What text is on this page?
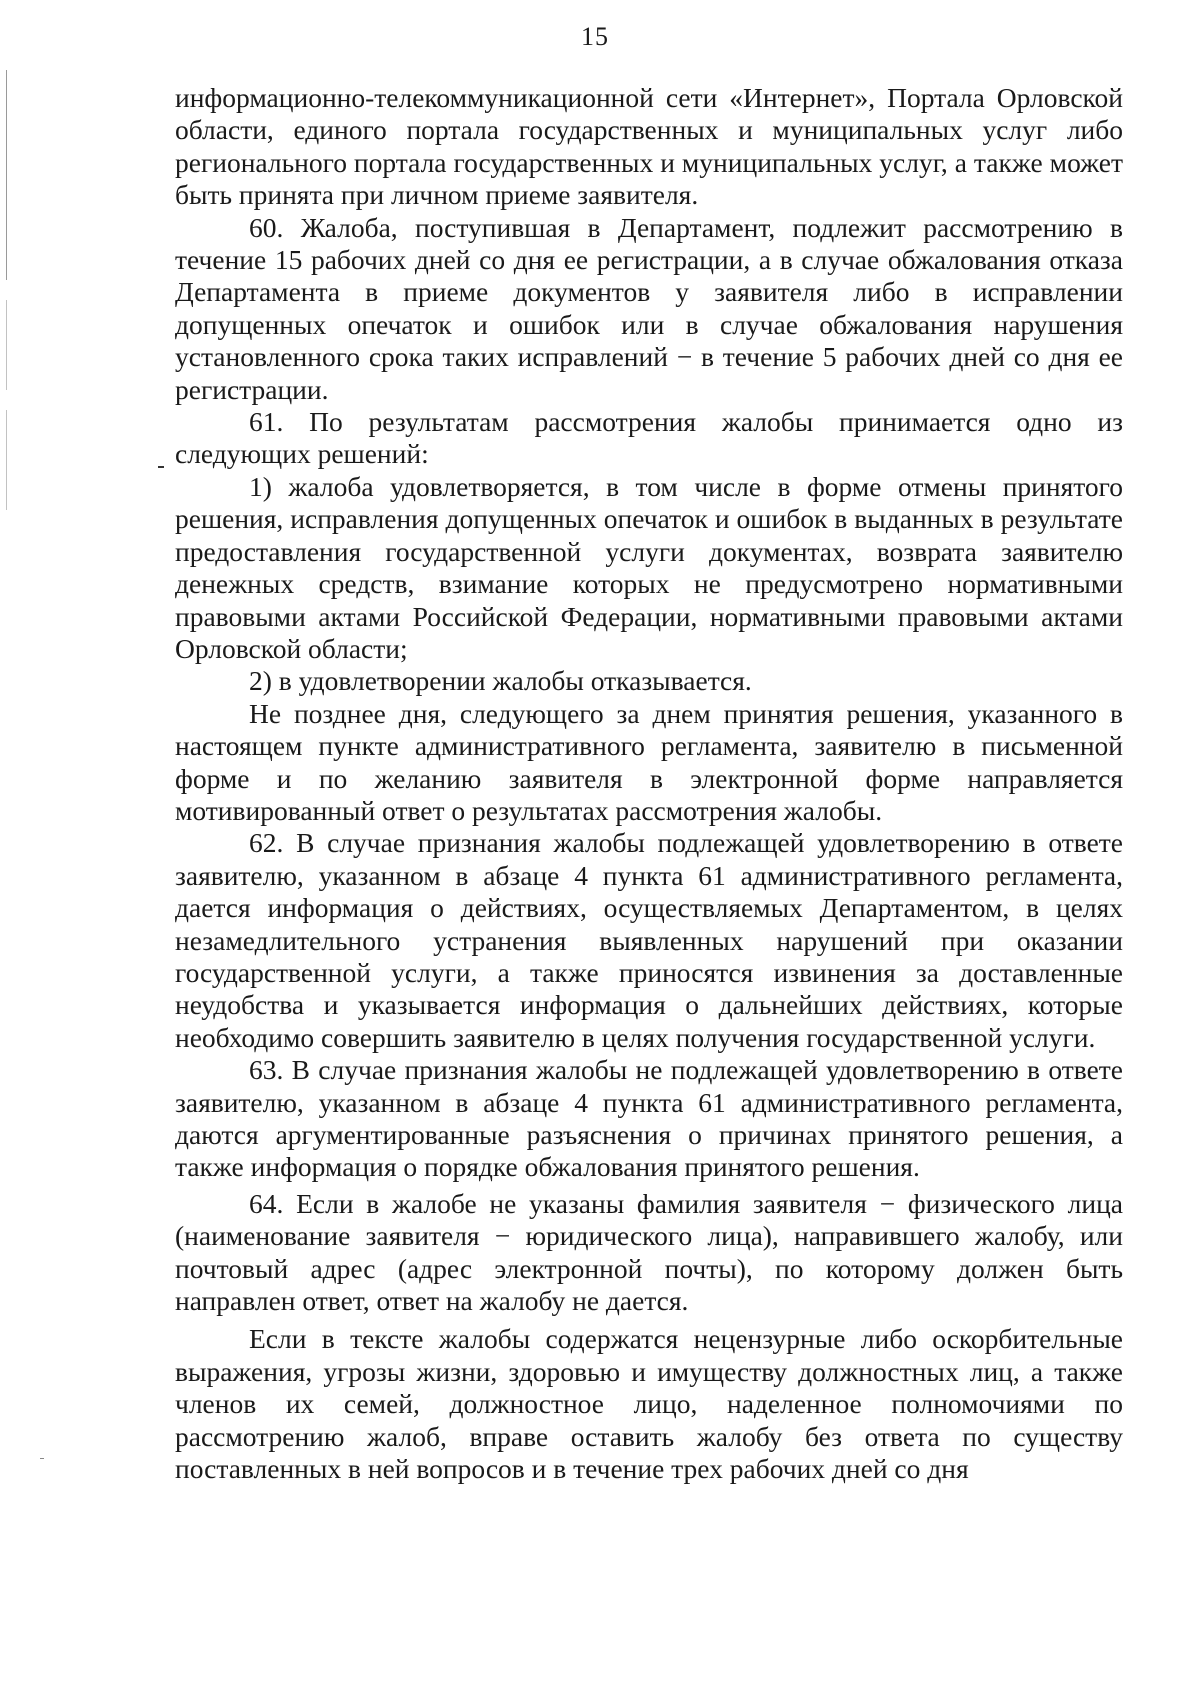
15

информационно-телекоммуникационной сети «Интернет», Портала Орловской области, единого портала государственных и муниципальных услуг либо регионального портала государственных и муниципальных услуг, а также может быть принята при личном приеме заявителя.

60. Жалоба, поступившая в Департамент, подлежит рассмотрению в течение 15 рабочих дней со дня ее регистрации, а в случае обжалования отказа Департамента в приеме документов у заявителя либо в исправлении допущенных опечаток и ошибок или в случае обжалования нарушения установленного срока таких исправлений − в течение 5 рабочих дней со дня ее регистрации.

61. По результатам рассмотрения жалобы принимается одно из следующих решений:

1) жалоба удовлетворяется, в том числе в форме отмены принятого решения, исправления допущенных опечаток и ошибок в выданных в результате предоставления государственной услуги документах, возврата заявителю денежных средств, взимание которых не предусмотрено нормативными правовыми актами Российской Федерации, нормативными правовыми актами Орловской области;

2) в удовлетворении жалобы отказывается.

Не позднее дня, следующего за днем принятия решения, указанного в настоящем пункте административного регламента, заявителю в письменной форме и по желанию заявителя в электронной форме направляется мотивированный ответ о результатах рассмотрения жалобы.

62. В случае признания жалобы подлежащей удовлетворению в ответе заявителю, указанном в абзаце 4 пункта 61 административного регламента, дается информация о действиях, осуществляемых Департаментом, в целях незамедлительного устранения выявленных нарушений при оказании государственной услуги, а также приносятся извинения за доставленные неудобства и указывается информация о дальнейших действиях, которые необходимо совершить заявителю в целях получения государственной услуги.

63. В случае признания жалобы не подлежащей удовлетворению в ответе заявителю, указанном в абзаце 4 пункта 61 административного регламента, даются аргументированные разъяснения о причинах принятого решения, а также информация о порядке обжалования принятого решения.

64. Если в жалобе не указаны фамилия заявителя − физического лица (наименование заявителя − юридического лица), направившего жалобу, или почтовый адрес (адрес электронной почты), по которому должен быть направлен ответ, ответ на жалобу не дается.

Если в тексте жалобы содержатся нецензурные либо оскорбительные выражения, угрозы жизни, здоровью и имуществу должностных лиц, а также членов их семей, должностное лицо, наделенное полномочиями по рассмотрению жалоб, вправе оставить жалобу без ответа по существу поставленных в ней вопросов и в течение трех рабочих дней со дня
